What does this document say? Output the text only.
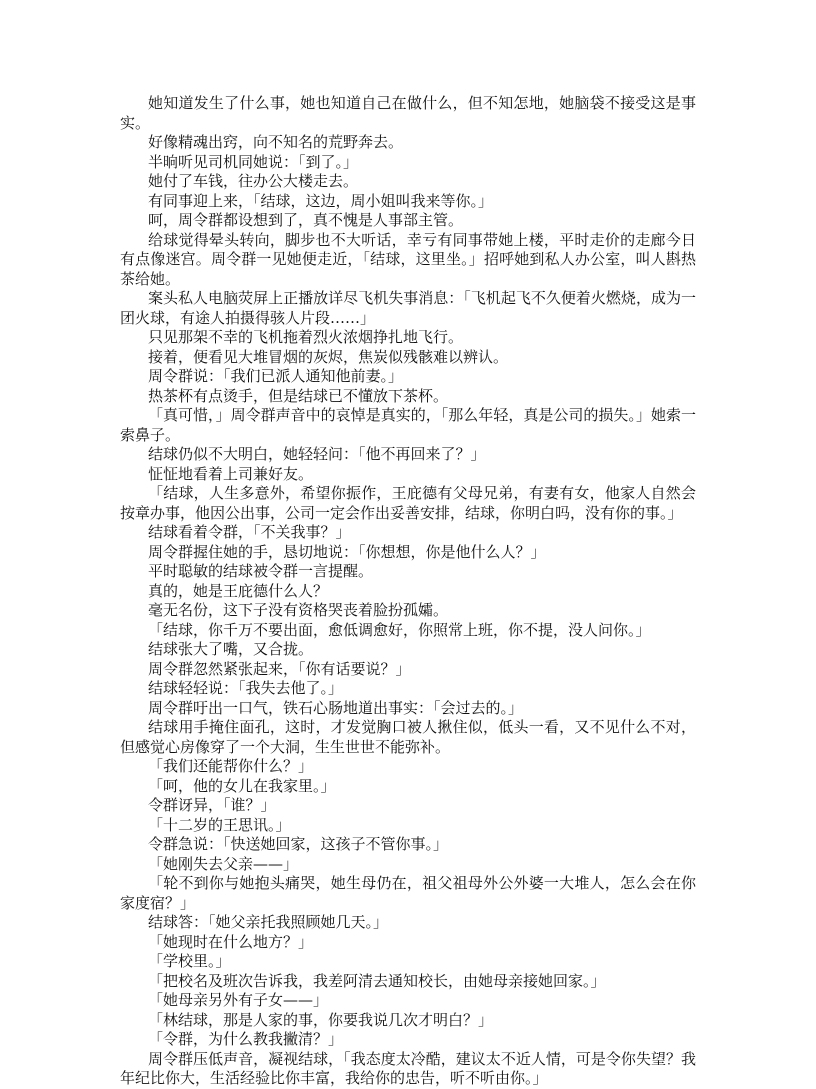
她知道发生了什么事，她也知道自己在做什么，但不知怎地，她脑袋不接受这是事实。

好像精魂出窍，向不知名的荒野奔去。

半晌听见司机同她说：「到了。」

她付了车钱，往办公大楼走去。

有同事迎上来，「结球，这边，周小姐叫我来等你。」

呵，周令群都设想到了，真不愧是人事部主管。

给球觉得晕头转向，脚步也不大听话，幸亏有同事带她上楼，平时走价的走廊今日有点像迷宫。周令群一见她便走近，「结球，这里坐。」招呼她到私人办公室，叫人斟热茶给她。

案头私人电脑荧屏上正播放详尽飞机失事消息：「飞机起飞不久便着火燃烧，成为一团火球，有途人拍摄得骇人片段……」

只见那架不幸的飞机拖着烈火浓烟挣扎地飞行。

接着，便看见大堆冒烟的灰烬，焦炭似残骸难以辨认。

周令群说：「我们已派人通知他前妻。」

热茶杯有点烫手，但是结球已不懂放下茶杯。

「真可惜，」周令群声音中的哀悼是真实的，「那么年轻，真是公司的损失。」她索一索鼻子。

结球仍似不大明白，她轻轻问：「他不再回来了？」

怔怔地看着上司兼好友。

「结球，人生多意外，希望你振作，王庇德有父母兄弟，有妻有女，他家人自然会按章办事，他因公出事，公司一定会作出妥善安排，结球，你明白吗，没有你的事。」

结球看着令群，「不关我事？」

周令群握住她的手，恳切地说：「你想想，你是他什么人？」

平时聪敏的结球被令群一言提醒。

真的，她是王庇德什么人？

毫无名份，这下子没有资格哭丧着脸扮孤孀。

「结球，你千万不要出面，愈低调愈好，你照常上班，你不提，没人问你。」

结球张大了嘴，又合拢。

周令群忽然紧张起来，「你有话要说？」

结球轻轻说：「我失去他了。」

周令群吁出一口气，铁石心肠地道出事实：「会过去的。」

结球用手掩住面孔，这时，才发觉胸口被人揪住似，低头一看，又不见什么不对，但感觉心房像穿了一个大洞，生生世世不能弥补。

「我们还能帮你什么？」

「呵，他的女儿在我家里。」

令群讶异，「谁？」

「十二岁的王思讯。」

令群急说：「快送她回家，这孩子不管你事。」

「她刚失去父亲——」

「轮不到你与她抱头痛哭，她生母仍在，祖父祖母外公外婆一大堆人，怎么会在你家度宿？」

结球答：「她父亲托我照顾她几天。」

「她现时在什么地方？」

「学校里。」

「把校名及班次告诉我，我差阿清去通知校长，由她母亲接她回家。」

「她母亲另外有子女——」

「林结球，那是人家的事，你要我说几次才明白？」

「令群，为什么教我撇清？」

周令群压低声音，凝视结球，「我态度太冷酷，建议太不近人情，可是令你失望？我年纪比你大，生活经验比你丰富，我给你的忠告，听不听由你。」
